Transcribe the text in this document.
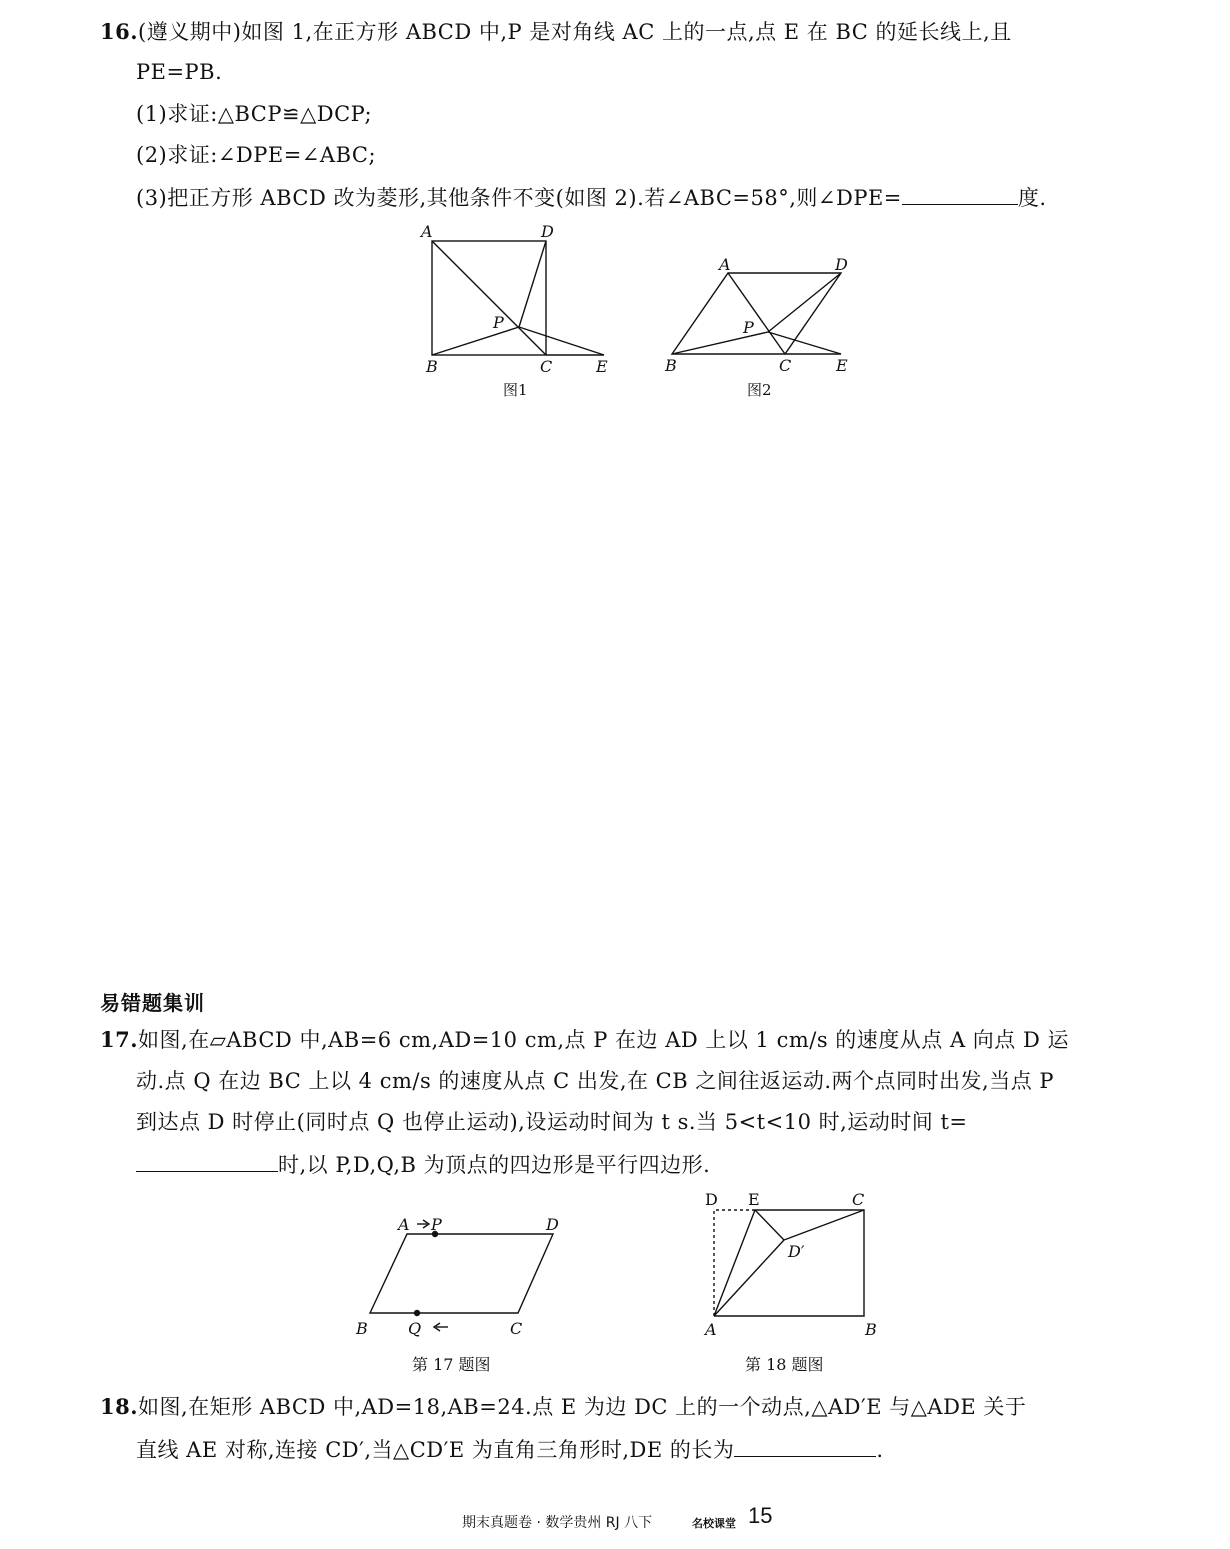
16.(遵义期中)如图 1,在正方形 ABCD 中,P 是对角线 AC 上的一点,点 E 在 BC 的延长线上,且
PE=PB.
(1)求证:△BCP≌△DCP;
(2)求证:∠DPE=∠ABC;
(3)把正方形 ABCD 改为菱形,其他条件不变(如图 2).若∠ABC=58°,则∠DPE=	度.
A	D
P
B	C	E
图1
A	D
P
B	C	E
图2
易错题集训
17.如图,在▱ABCD 中,AB=6 cm,AD=10 cm,点 P 在边 AD 上以 1 cm/s 的速度从点 A 向点 D 运
动.点 Q 在边 BC 上以 4 cm/s 的速度从点 C 出发,在 CB 之间往返运动.两个点同时出发,当点 P
到达点 D 时停止(同时点 Q 也停止运动),设运动时间为 t s.当 5<t<10 时,运动时间 t=
时,以 P,D,Q,B 为顶点的四边形是平行四边形.
A P	D
B	Q	C
第 17 题图
D E	C
D′
A	B
第 18 题图
18.如图,在矩形 ABCD 中,AD=18,AB=24.点 E 为边 DC 上的一个动点,△AD′E 与△ADE 关于
直线 AE 对称,连接 CD′,当△CD′E 为直角三角形时,DE 的长为	.
期末真题卷 · 数学贵州 RJ 八下	名校课堂 15
